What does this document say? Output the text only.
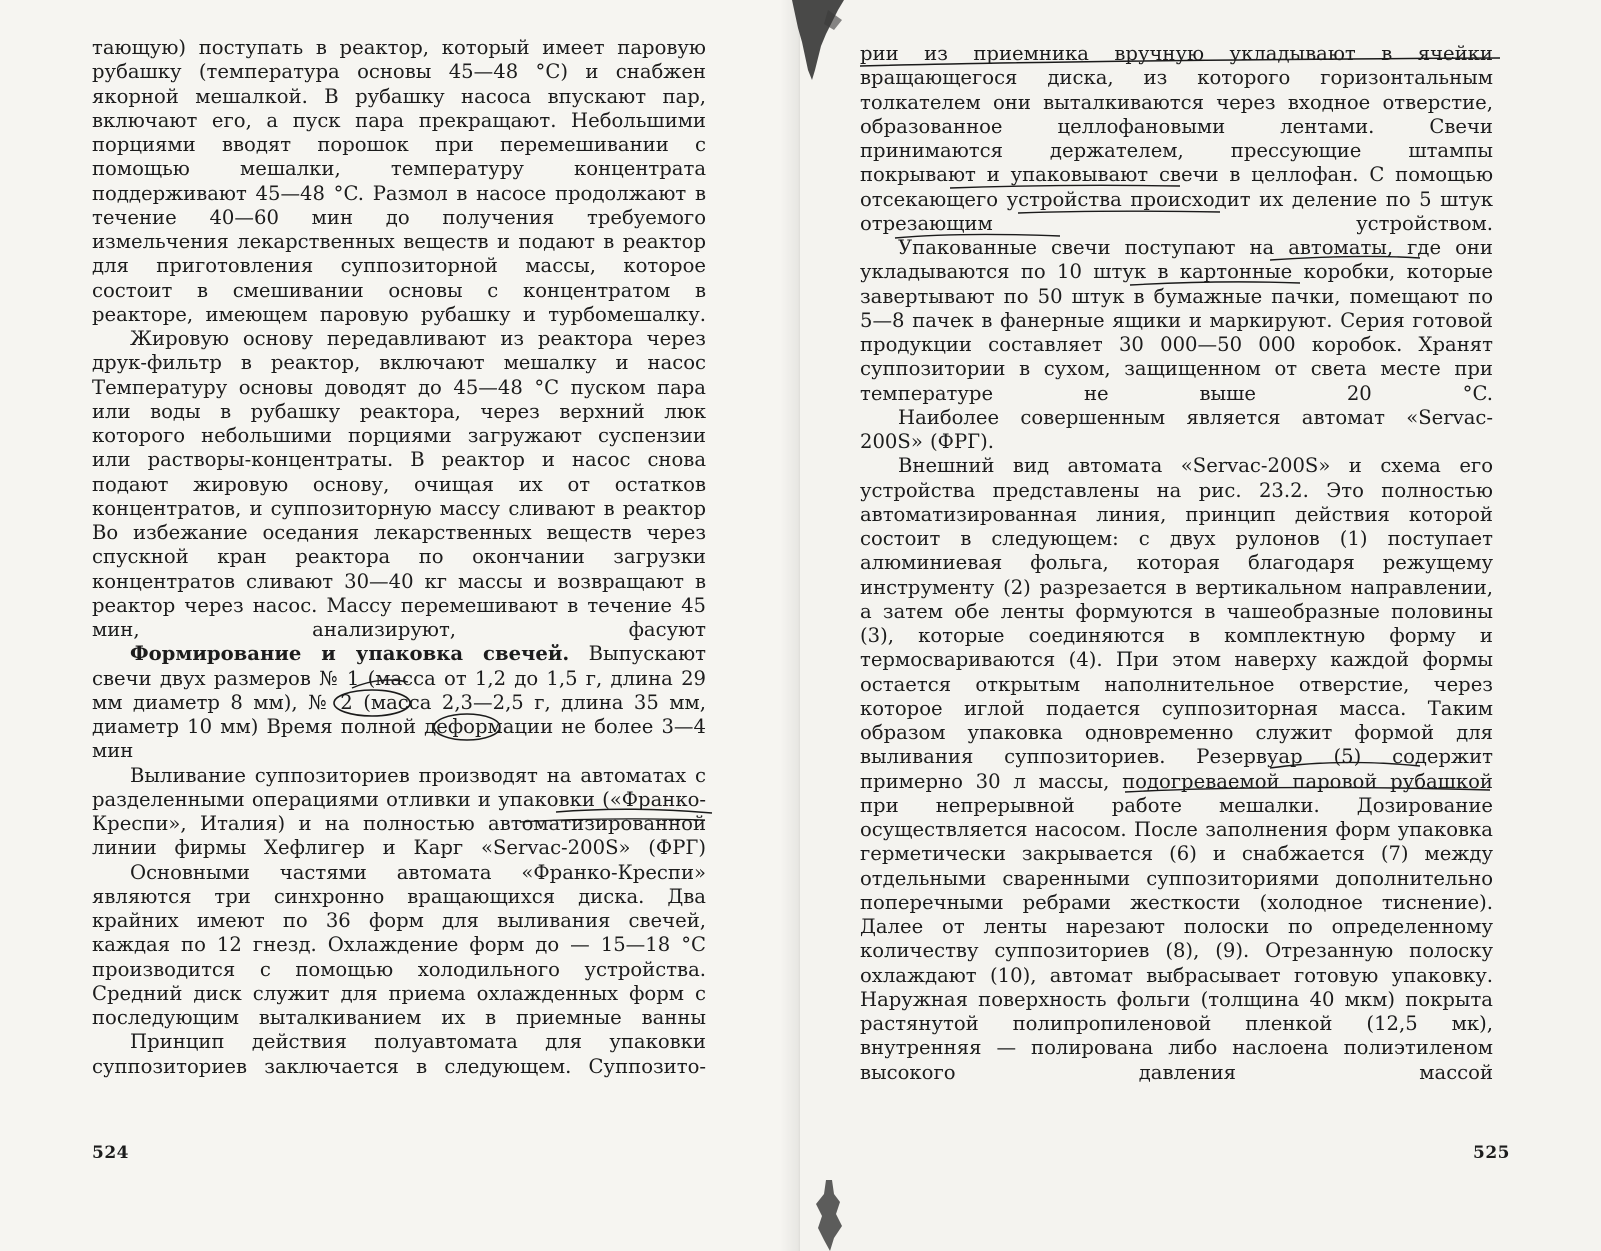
тающую) поступать в реактор, который имеет паровую рубашку (температура основы 45—48 °C) и снабжен якорной мешалкой. В рубашку насоса впускают пар, включают его, а пуск пара прекращают. Небольшими порциями вводят порошок при перемешивании с помощью мешалки, температуру концентрата поддерживают 45—48 °C. Размол в насосе продолжают в течение 40—60 мин до получения требуемого измельчения лекарственных веществ и подают в реактор для приготовления суппозиторной массы, которое состоит в смешивании основы с концентратом в реакторе, имеющем паровую рубашку и турбомешалку.

Жировую основу передавливают из реактора через друк-фильтр в реактор, включают мешалку и насос Температуру основы доводят до 45—48 °C пуском пара или воды в рубашку реактора, через верхний люк которого небольшими порциями загружают суспензии или растворы-концентраты. В реактор и насос снова подают жировую основу, очищая их от остатков концентратов, и суппозиторную массу сливают в реактор Во избежание оседания лекарственных веществ через спускной кран реактора по окончании загрузки концентратов сливают 30—40 кг массы и возвращают в реактор через насос. Массу перемешивают в течение 45 мин, анализируют, фасуют

Формирование и упаковка свечей. Выпускают свечи двух размеров № 1 (масса от 1,2 до 1,5 г, длина 29 мм диаметр 8 мм), № 2 (масса 2,3—2,5 г, длина 35 мм, диаметр 10 мм) Время полной деформации не более 3—4 мин

Выливание суппозиториев производят на автоматах с разделенными операциями отливки и упаковки («Франко-Креспи», Италия) и на полностью автоматизированной линии фирмы Хефлигер и Карг «Servac-200S» (ФРГ)

Основными частями автомата «Франко-Креспи» являются три синхронно вращающихся диска. Два крайних имеют по 36 форм для выливания свечей, каждая по 12 гнезд. Охлаждение форм до — 15—18 °C производится с помощью холодильного устройства. Средний диск служит для приема охлажденных форм с последующим выталкиванием их в приемные ванны

Принцип действия полуавтомата для упаковки суппозиториев заключается в следующем. Суппозито-

524

рии из приемника вручную укладывают в ячейки вращающегося диска, из которого горизонтальным толкателем они выталкиваются через входное отверстие, образованное целлофановыми лентами. Свечи принимаются держателем, прессующие штампы покрывают и упаковывают свечи в целлофан. С помощью отсекающего устройства происходит их деление по 5 штук отрезающим устройством.

Упакованные свечи поступают на автоматы, где они укладываются по 10 штук в картонные коробки, которые завертывают по 50 штук в бумажные пачки, помещают по 5—8 пачек в фанерные ящики и маркируют. Серия готовой продукции составляет 30 000—50 000 коробок. Хранят суппозитории в сухом, защищенном от света месте при температуре не выше 20 °C.

Наиболее совершенным является автомат «Servac-200S» (ФРГ).

Внешний вид автомата «Servac-200S» и схема его устройства представлены на рис. 23.2. Это полностью автоматизированная линия, принцип действия которой состоит в следующем: с двух рулонов (1) поступает алюминиевая фольга, которая благодаря режущему инструменту (2) разрезается в вертикальном направлении, а затем обе ленты формуются в чашеобразные половины (3), которые соединяются в комплектную форму и термосвариваются (4). При этом наверху каждой формы остается открытым наполнительное отверстие, через которое иглой подается суппозиторная масса. Таким образом упаковка одновременно служит формой для выливания суппозиториев. Резервуар (5) содержит примерно 30 л массы, подогреваемой паровой рубашкой при непрерывной работе мешалки. Дозирование осуществляется насосом. После заполнения форм упаковка герметически закрывается (6) и снабжается (7) между отдельными сваренными суппозиториями дополнительно поперечными ребрами жесткости (холодное тиснение). Далее от ленты нарезают полоски по определенному количеству суппозиториев (8), (9). Отрезанную полоску охлаждают (10), автомат выбрасывает готовую упаковку. Наружная поверхность фольги (толщина 40 мкм) покрыта растянутой полипропиленовой пленкой (12,5 мк), внутренняя — полирована либо наслоена полиэтиленом высокого давления массой

525
